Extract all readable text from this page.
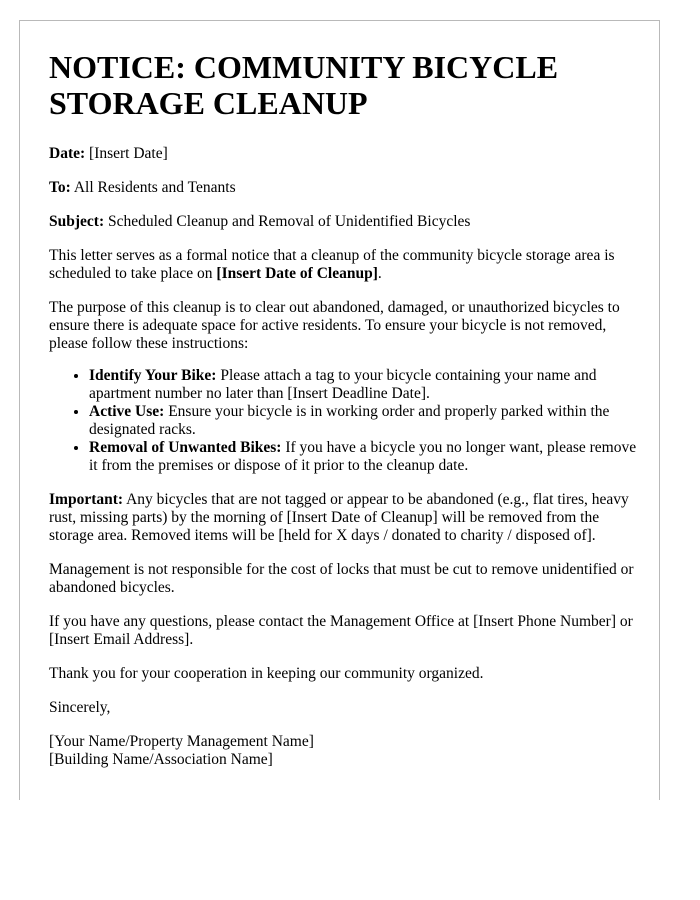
NOTICE: COMMUNITY BICYCLE STORAGE CLEANUP

Date: [Insert Date]

To: All Residents and Tenants

Subject: Scheduled Cleanup and Removal of Unidentified Bicycles

This letter serves as a formal notice that a cleanup of the community bicycle storage area is scheduled to take place on [Insert Date of Cleanup].

The purpose of this cleanup is to clear out abandoned, damaged, or unauthorized bicycles to ensure there is adequate space for active residents. To ensure your bicycle is not removed, please follow these instructions:

• Identify Your Bike: Please attach a tag to your bicycle containing your name and apartment number no later than [Insert Deadline Date].
• Active Use: Ensure your bicycle is in working order and properly parked within the designated racks.
• Removal of Unwanted Bikes: If you have a bicycle you no longer want, please remove it from the premises or dispose of it prior to the cleanup date.

Important: Any bicycles that are not tagged or appear to be abandoned (e.g., flat tires, heavy rust, missing parts) by the morning of [Insert Date of Cleanup] will be removed from the storage area. Removed items will be [held for X days / donated to charity / disposed of].

Management is not responsible for the cost of locks that must be cut to remove unidentified or abandoned bicycles.

If you have any questions, please contact the Management Office at [Insert Phone Number] or [Insert Email Address].

Thank you for your cooperation in keeping our community organized.

Sincerely,

[Your Name/Property Management Name]

[Building Name/Association Name]
